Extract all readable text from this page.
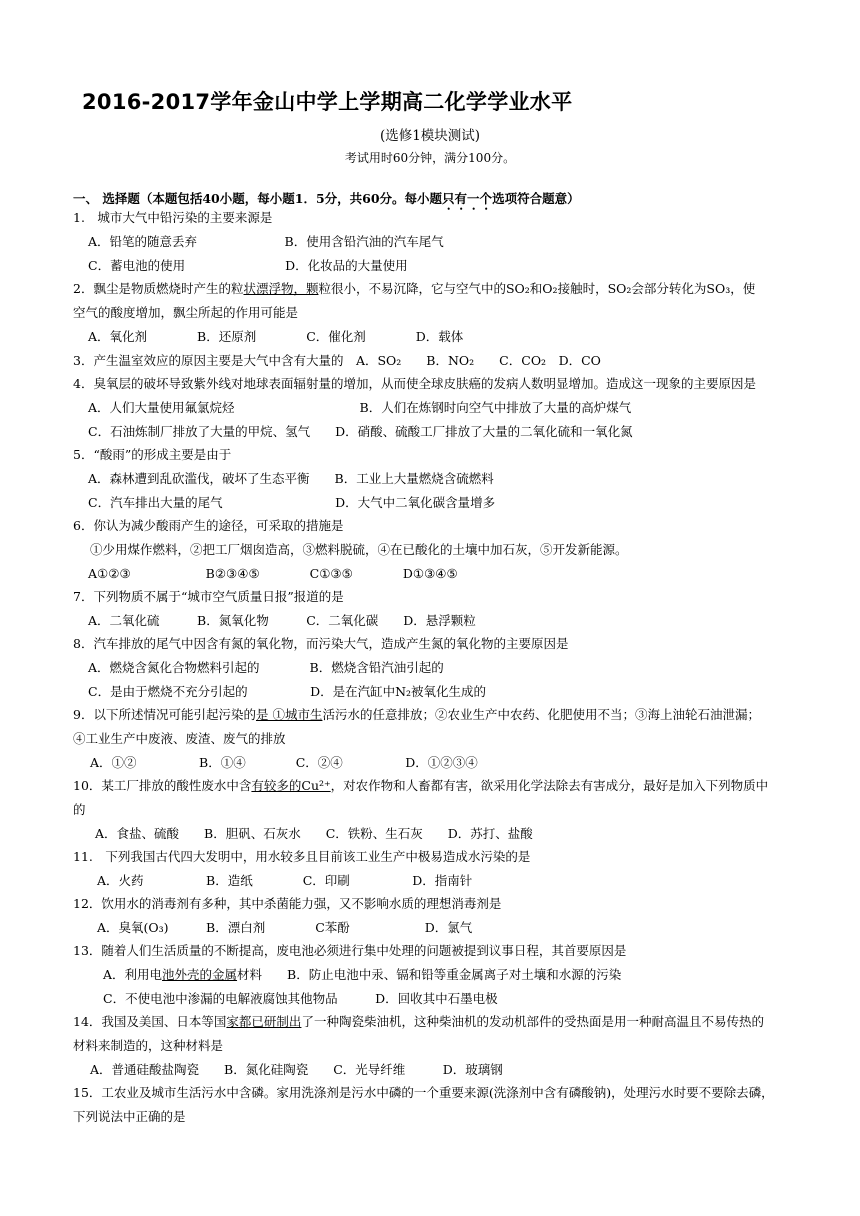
2016-2017学年金山中学上学期高二化学学业水平
(选修1模块测试)
考试用时60分钟，满分100分。
一、 选择题（本题包括40小题，每小题1．5分，共60分。每小题只有一个选项符合题意）
1.　城市大气中铅污染的主要来源是
A．铅笔的随意丢弃　　　　　　　B．使用含铅汽油的汽车尾气
C．蓄电池的使用　　　　　　　　D．化妆品的大量使用
2．飘尘是物质燃烧时产生的粒状漂浮物，颗粒很小，不易沉降，它与空气中的SO₂和O₂接触时，SO₂会部分转化为SO₃，使
空气的酸度增加，飘尘所起的作用可能是
A．氧化剂　　　　B．还原剂　　　　C．催化剂　　　　D．载体
3．产生温室效应的原因主要是大气中含有大量的　A．SO₂　　B．NO₂　　C．CO₂　D．CO
4．臭氧层的破坏导致紫外线对地球表面辐射量的增加，从而使全球皮肤癌的发病人数明显增加。造成这一现象的主要原因是
A．人们大量使用氟氯烷烃　　　　　　　　　　B．人们在炼钢时向空气中排放了大量的高炉煤气
C．石油炼制厂排放了大量的甲烷、氢气　　D．硝酸、硫酸工厂排放了大量的二氧化硫和一氧化氮
5．“酸雨”的形成主要是由于
A．森林遭到乱砍滥伐，破坏了生态平衡　　B．工业上大量燃烧含硫燃料
C．汽车排出大量的尾气　　　　　　　　　D．大气中二氧化碳含量增多
6．你认为减少酸雨产生的途径，可采取的措施是
①少用煤作燃料，②把工厂烟囱造高，③燃料脱硫，④在已酸化的土壤中加石灰，⑤开发新能源。
A①②③　　　　　　B②③④⑤　　　　C①③⑤　　　　D①③④⑤
7．下列物质不属于“城市空气质量日报”报道的是
A．二氧化硫　　　B．氮氧化物　　　C．二氧化碳　　D．悬浮颗粒
8．汽车排放的尾气中因含有氮的氧化物，而污染大气，造成产生氮的氧化物的主要原因是
A．燃烧含氮化合物燃料引起的　　　　B．燃烧含铅汽油引起的
C．是由于燃烧不充分引起的　　　　　D．是在汽缸中N₂被氧化生成的
9．以下所述情况可能引起污染的是 ①城市生活污水的任意排放；②农业生产中农药、化肥使用不当；③海上油轮石油泄漏；
④工业生产中废液、废渣、废气的排放
A．①②　　　　　B．①④　　　　C．②④　　　　　D．①②③④
10．某工厂排放的酸性废水中含有较多的Cu²⁺，对农作物和人畜都有害，欲采用化学法除去有害成分，最好是加入下列物质中
的
A．食盐、硫酸　　B．胆矾、石灰水　　C．铁粉、生石灰　　D．苏打、盐酸
11.　下列我国古代四大发明中，用水较多且目前该工业生产中极易造成水污染的是
A．火药　　　　　B．造纸　　　　C．印刷　　　　　D．指南针
12．饮用水的消毒剂有多种，其中杀菌能力强，又不影响水质的理想消毒剂是
A．臭氧(O₃)　　　B．漂白剂　　　　C苯酚　　　　　　D．氯气
13．随着人们生活质量的不断提高，废电池必须进行集中处理的问题被提到议事日程，其首要原因是
A．利用电池外壳的金属材料　　B．防止电池中汞、镉和铅等重金属离子对土壤和水源的污染
C．不使电池中渗漏的电解液腐蚀其他物品　　　D．回收其中石墨电极
14．我国及美国、日本等国家都已研制出了一种陶瓷柴油机，这种柴油机的发动机部件的受热面是用一种耐高温且不易传热的
材料来制造的，这种材料是
A．普通硅酸盐陶瓷　　B．氮化硅陶瓷　　C．光导纤维　　　D．玻璃钢
15．工农业及城市生活污水中含磷。家用洗涤剂是污水中磷的一个重要来源(洗涤剂中含有磷酸钠)，处理污水时要不要除去磷，
下列说法中正确的是
